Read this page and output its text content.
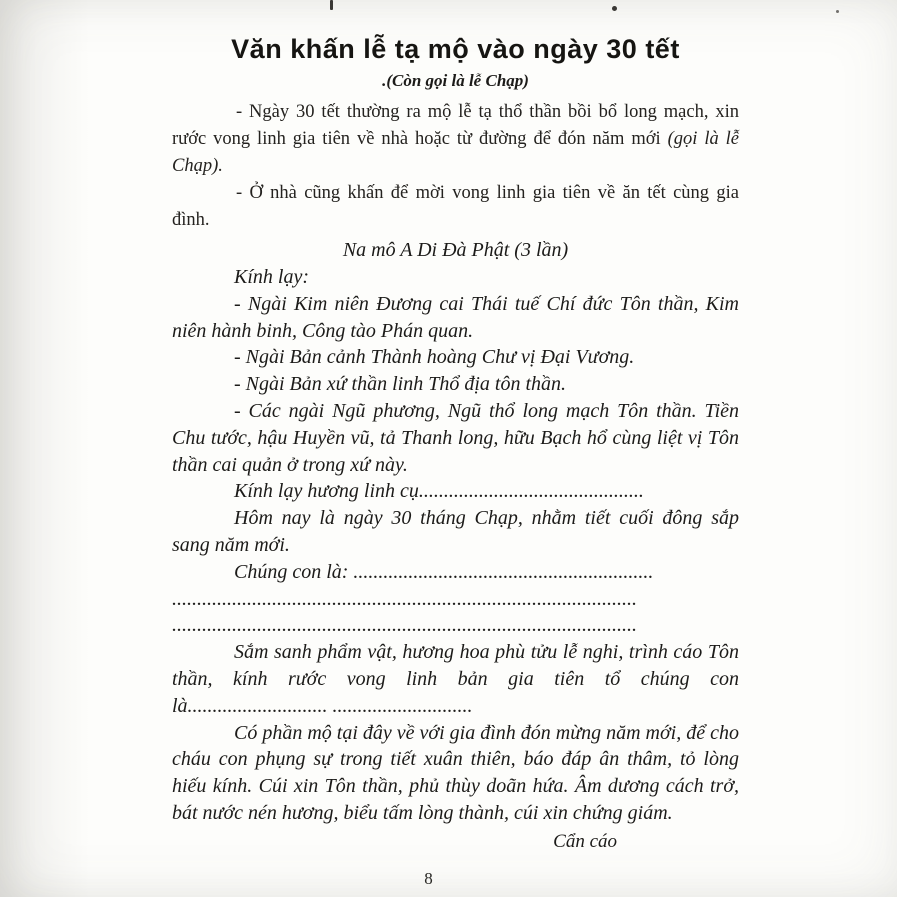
Văn khấn lễ tạ mộ vào ngày 30 tết
.(Còn gọi là lễ Chạp)

- Ngày 30 tết thường ra mộ lễ tạ thổ thần bồi bổ long mạch, xin rước vong linh gia tiên về nhà hoặc từ đường để đón năm mới (gọi là lễ Chạp).

- Ở nhà cũng khấn để mời vong linh gia tiên về ăn tết cùng gia đình.

Na mô A Di Đà Phật (3 lần)

Kính lạy:

- Ngài Kim niên Đương cai Thái tuế Chí đức Tôn thần, Kim niên hành binh, Công tào Phán quan.

- Ngài Bản cảnh Thành hoàng Chư vị Đại Vương.

- Ngài Bản xứ thần linh Thổ địa tôn thần.

- Các ngài Ngũ phương, Ngũ thổ long mạch Tôn thần. Tiền Chu tước, hậu Huyền vũ, tả Thanh long, hữu Bạch hổ cùng liệt vị Tôn thần cai quản ở trong xứ này.

Kính lạy hương linh cụ.............................................

Hôm nay là ngày 30 tháng Chạp, nhằm tiết cuối đông sắp sang năm mới.

Chúng con là: ............................................................

.............................................................................................

.............................................................................................

Sắm sanh phẩm vật, hương hoa phù tửu lễ nghi, trình cáo Tôn thần, kính rước vong linh bản gia tiên tổ chúng con là............................ ............................

Có phần mộ tại đây về với gia đình đón mừng năm mới, để cho cháu con phụng sự trong tiết xuân thiên, báo đáp ân thâm, tỏ lòng hiếu kính. Cúi xin Tôn thần, phủ thùy doãn hứa. Âm dương cách trở, bát nước nén hương, biểu tấm lòng thành, cúi xin chứng giám.

Cẩn cáo
8
